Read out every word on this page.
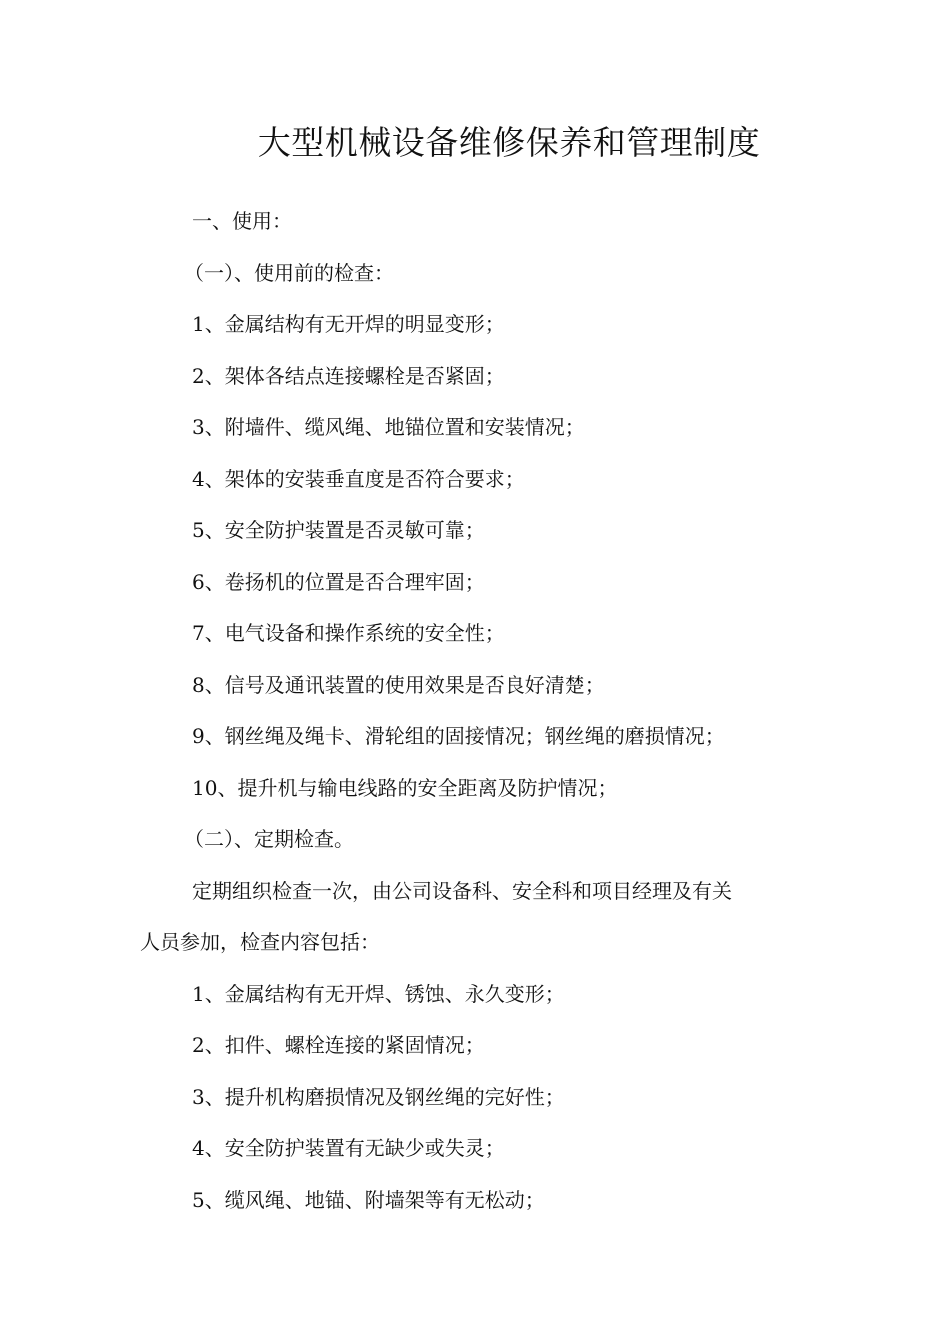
大型机械设备维修保养和管理制度
一、使用：
（一）、使用前的检查：
1、金属结构有无开焊的明显变形；
2、架体各结点连接螺栓是否紧固；
3、附墙件、缆风绳、地锚位置和安装情况；
4、架体的安装垂直度是否符合要求；
5、安全防护装置是否灵敏可靠；
6、卷扬机的位置是否合理牢固；
7、电气设备和操作系统的安全性；
8、信号及通讯装置的使用效果是否良好清楚；
9、钢丝绳及绳卡、滑轮组的固接情况；钢丝绳的磨损情况；
10、提升机与输电线路的安全距离及防护情况；
（二）、定期检查。
定期组织检查一次，由公司设备科、安全科和项目经理及有关
人员参加，检查内容包括：
1、金属结构有无开焊、锈蚀、永久变形；
2、扣件、螺栓连接的紧固情况；
3、提升机构磨损情况及钢丝绳的完好性；
4、安全防护装置有无缺少或失灵；
5、缆风绳、地锚、附墙架等有无松动；
